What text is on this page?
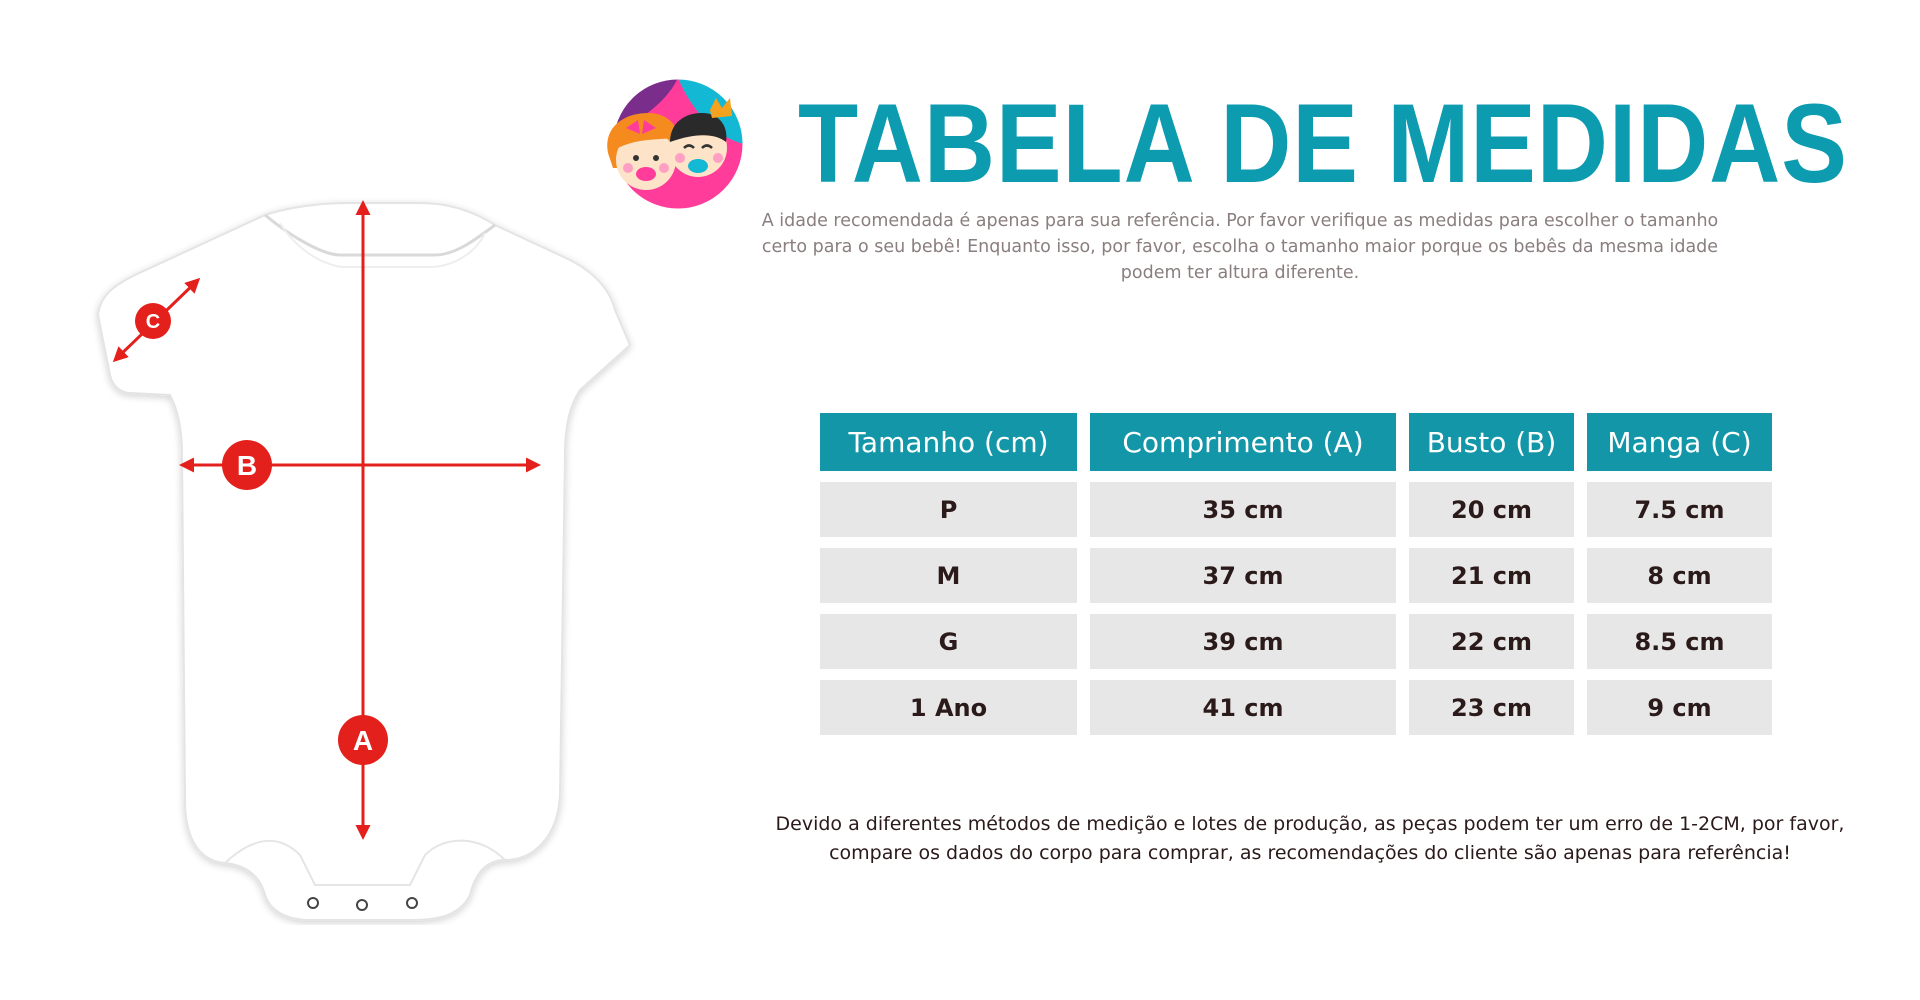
C
B
A
TABELA DE MEDIDAS
A idade recomendada é apenas para sua referência. Por favor verifique as medidas para escolher o tamanho certo para o seu bebê! Enquanto isso, por favor, escolha o tamanho maior porque os bebês da mesma idade podem ter altura diferente.
Tamanho (cm)	Comprimento (A)	Busto (B)	Manga (C)
P	35 cm	20 cm	7.5 cm
M	37 cm	21 cm	8 cm
G	39 cm	22 cm	8.5 cm
1 Ano	41 cm	23 cm	9 cm
Devido a diferentes métodos de medição e lotes de produção, as peças podem ter um erro de 1-2CM, por favor, compare os dados do corpo para comprar, as recomendações do cliente são apenas para referência!
